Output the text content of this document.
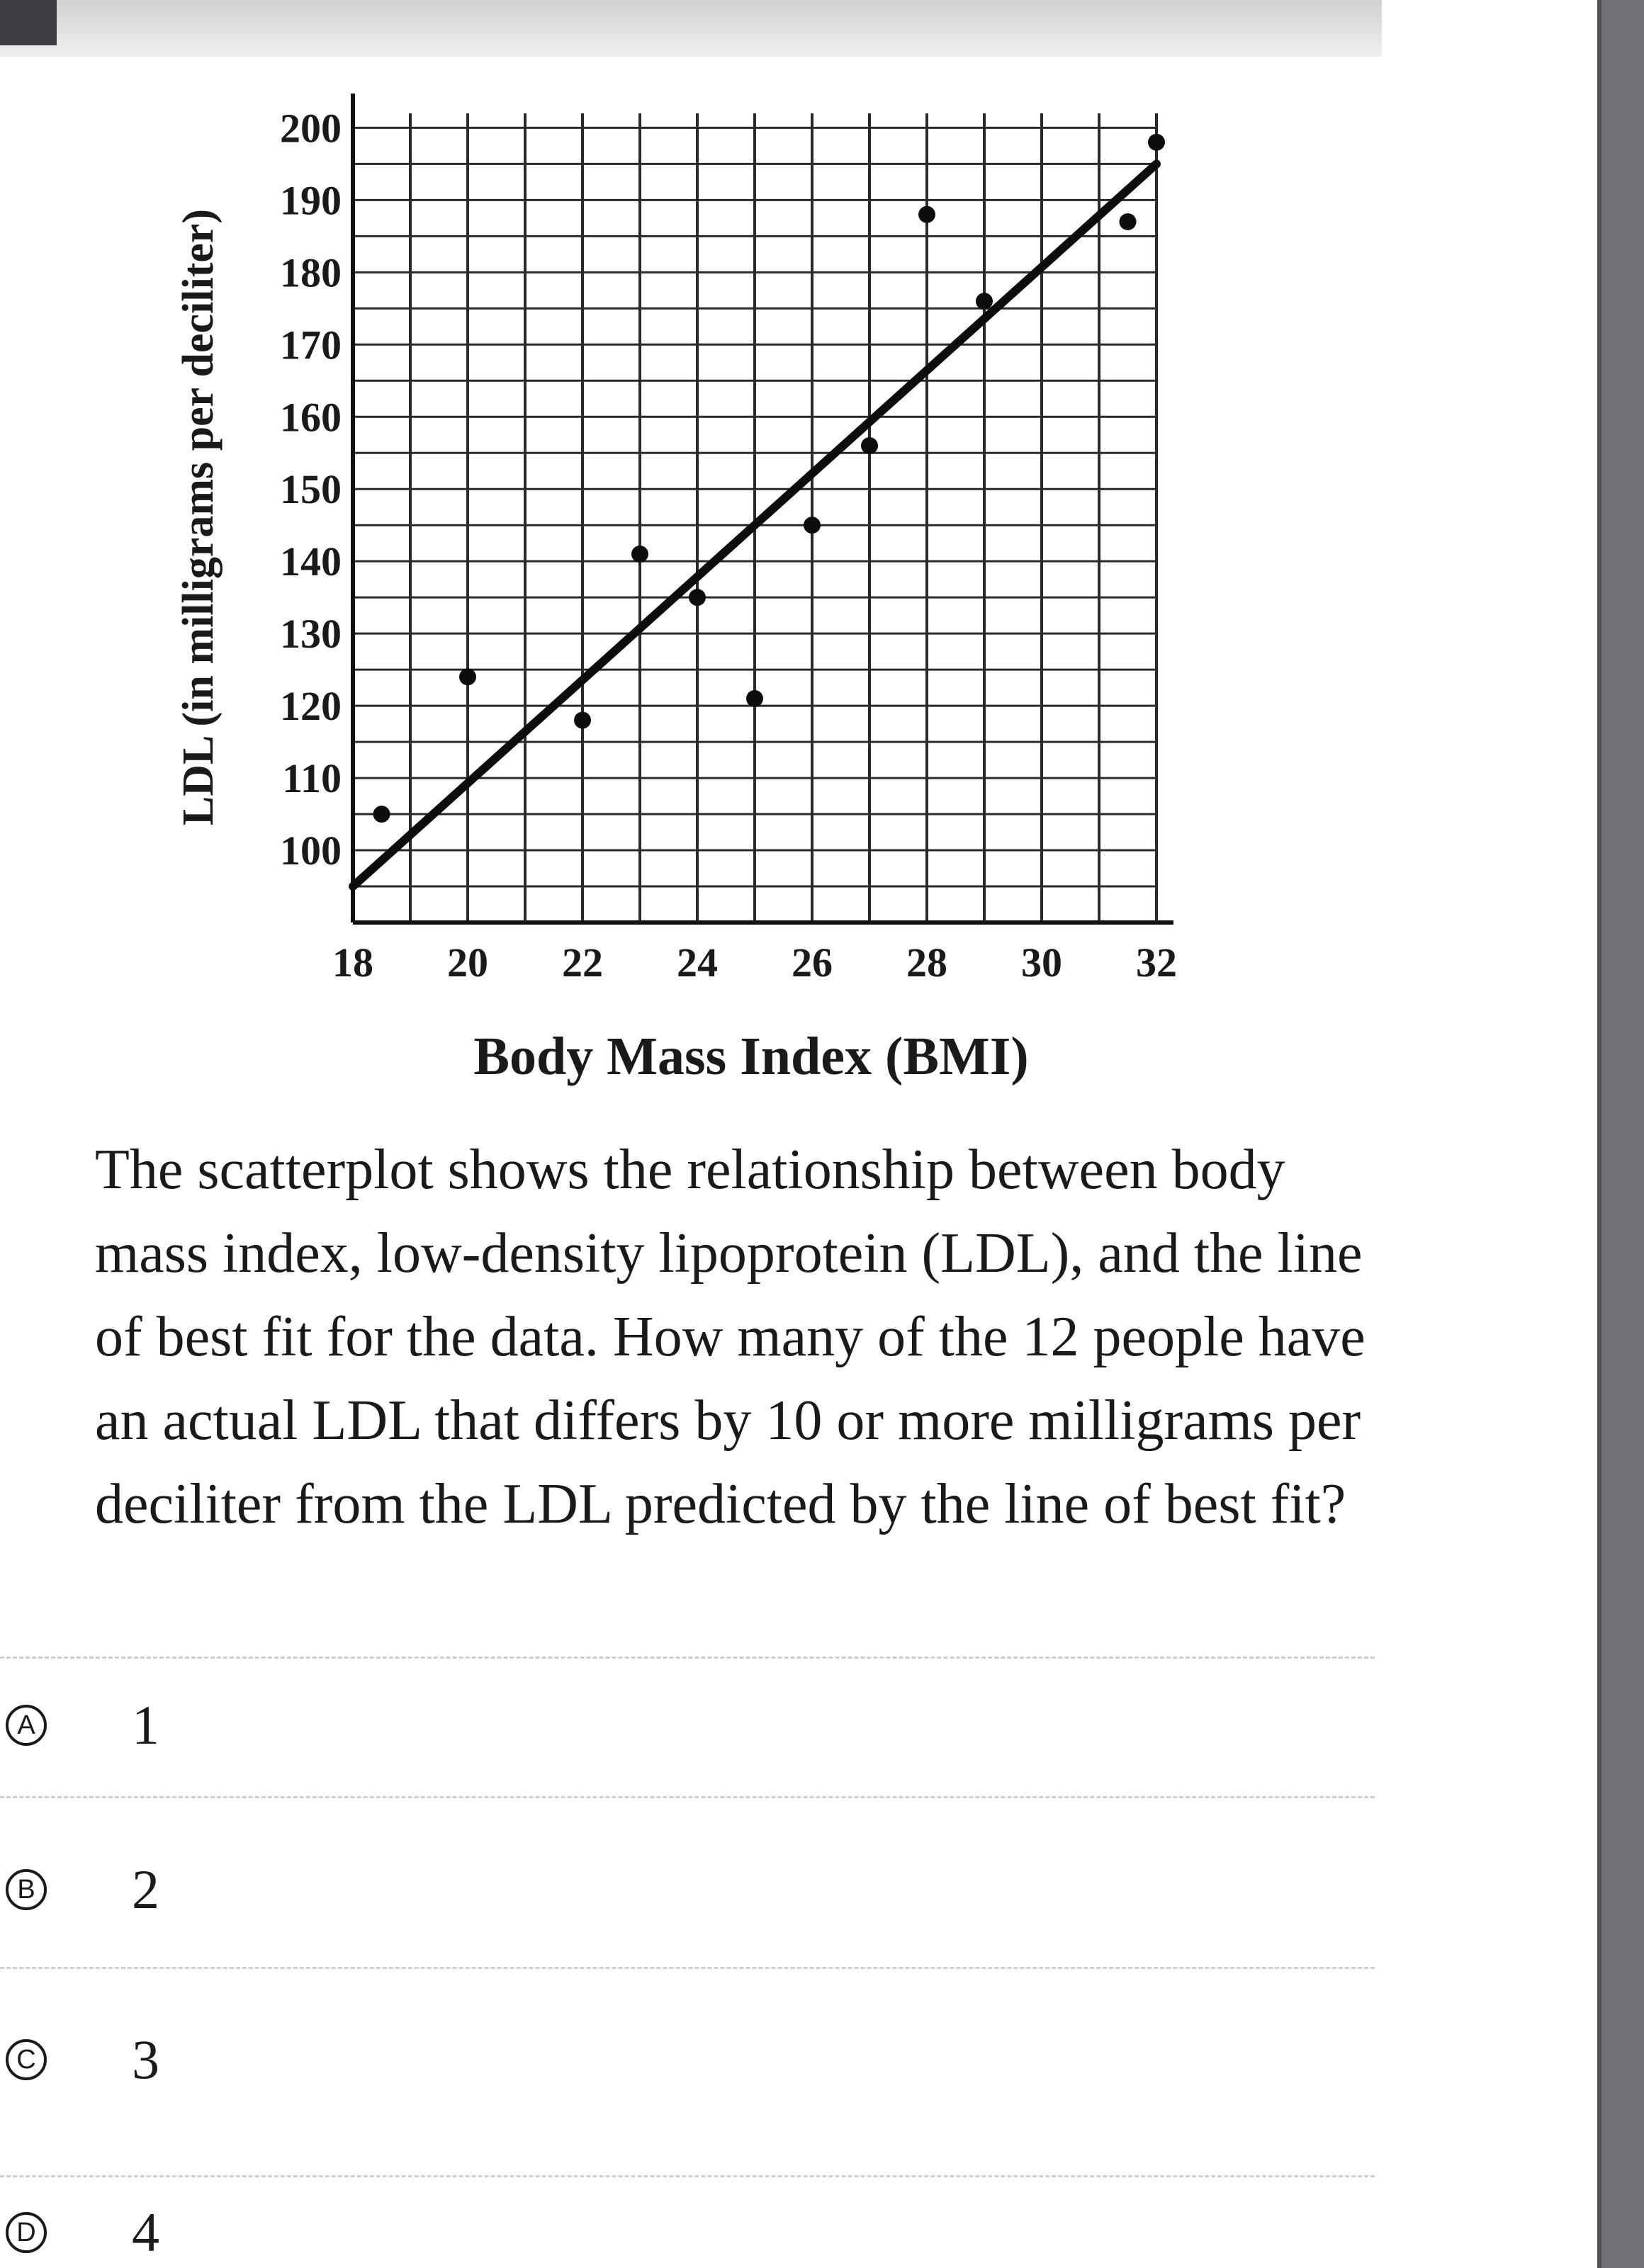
18 20 22 24 26 28 30 32
100
110
120
130
140
150
160
170
180
190
200
LDL (in milligrams per deciliter)
Body Mass Index (BMI)
The scatterplot shows the relationship between body mass index, low-density lipoprotein (LDL), and the line of best fit for the data. How many of the 12 people have an actual LDL that differs by 10 or more milligrams per deciliter from the LDL predicted by the line of best fit?
A 1
B 2
C 3
D 4
